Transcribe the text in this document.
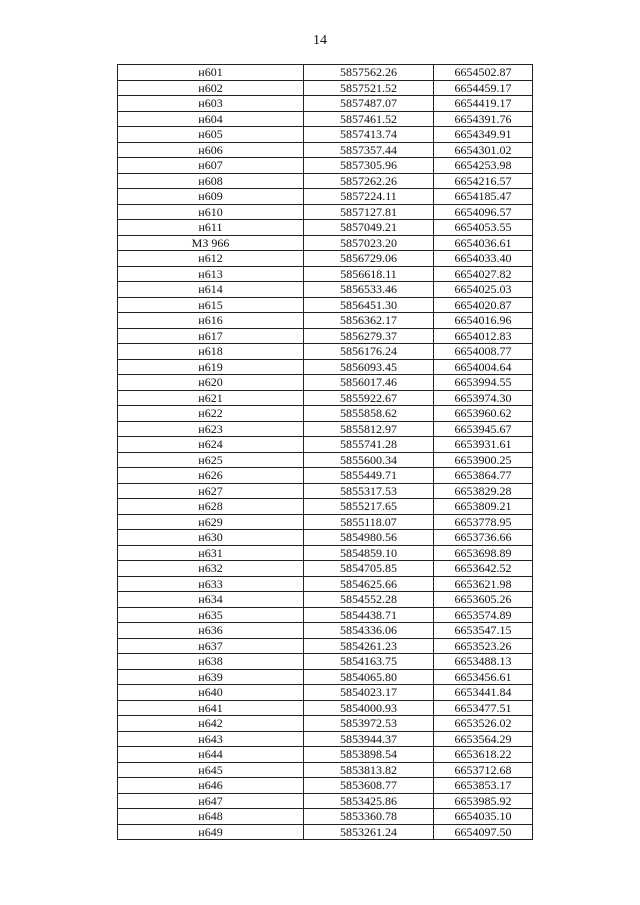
14
н601	5857562.26	6654502.87
н602	5857521.52	6654459.17
н603	5857487.07	6654419.17
н604	5857461.52	6654391.76
н605	5857413.74	6654349.91
н606	5857357.44	6654301.02
н607	5857305.96	6654253.98
н608	5857262.26	6654216.57
н609	5857224.11	6654185.47
н610	5857127.81	6654096.57
н611	5857049.21	6654053.55
МЗ 966	5857023.20	6654036.61
н612	5856729.06	6654033.40
н613	5856618.11	6654027.82
н614	5856533.46	6654025.03
н615	5856451.30	6654020.87
н616	5856362.17	6654016.96
н617	5856279.37	6654012.83
н618	5856176.24	6654008.77
н619	5856093.45	6654004.64
н620	5856017.46	6653994.55
н621	5855922.67	6653974.30
н622	5855858.62	6653960.62
н623	5855812.97	6653945.67
н624	5855741.28	6653931.61
н625	5855600.34	6653900.25
н626	5855449.71	6653864.77
н627	5855317.53	6653829.28
н628	5855217.65	6653809.21
н629	5855118.07	6653778.95
н630	5854980.56	6653736.66
н631	5854859.10	6653698.89
н632	5854705.85	6653642.52
н633	5854625.66	6653621.98
н634	5854552.28	6653605.26
н635	5854438.71	6653574.89
н636	5854336.06	6653547.15
н637	5854261.23	6653523.26
н638	5854163.75	6653488.13
н639	5854065.80	6653456.61
н640	5854023.17	6653441.84
н641	5854000.93	6653477.51
н642	5853972.53	6653526.02
н643	5853944.37	6653564.29
н644	5853898.54	6653618.22
н645	5853813.82	6653712.68
н646	5853608.77	6653853.17
н647	5853425.86	6653985.92
н648	5853360.78	6654035.10
н649	5853261.24	6654097.50
